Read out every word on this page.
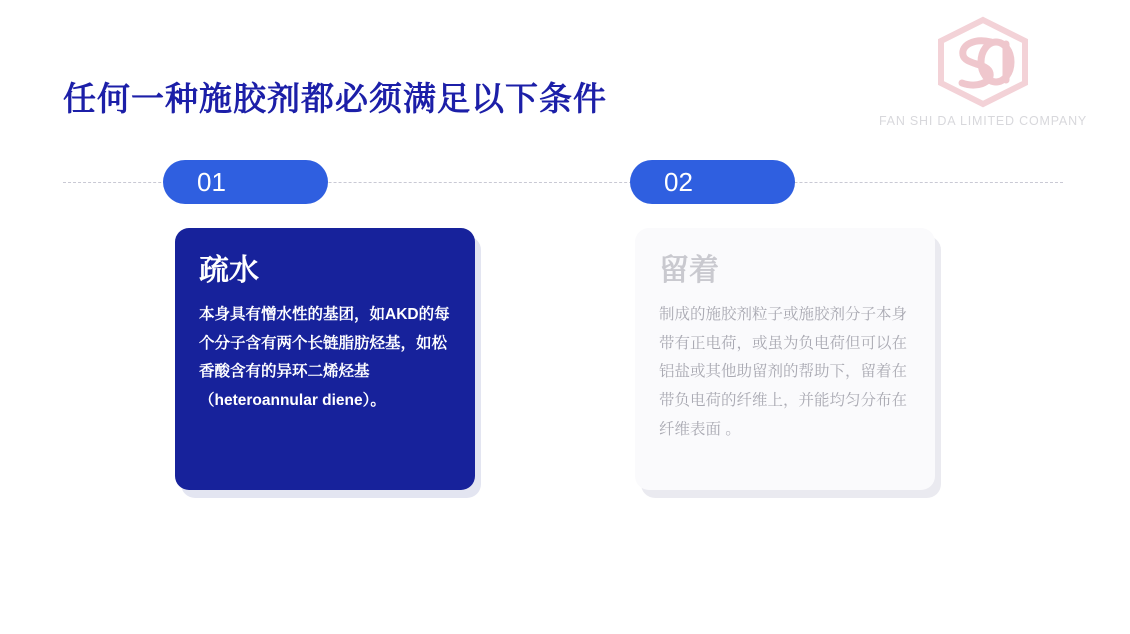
FAN SHI DA LIMITED COMPANY
任何一种施胶剂都必须满足以下条件
01	02
疏水
本身具有憎水性的基团，如AKD的每个分子含有两个长链脂肪烃基，如松香酸含有的异环二烯烃基（heteroannular diene）。
留着
制成的施胶剂粒子或施胶剂分子本身带有正电荷，或虽为负电荷但可以在铝盐或其他助留剂的帮助下，留着在带负电荷的纤维上，并能均匀分布在纤维表面 。
